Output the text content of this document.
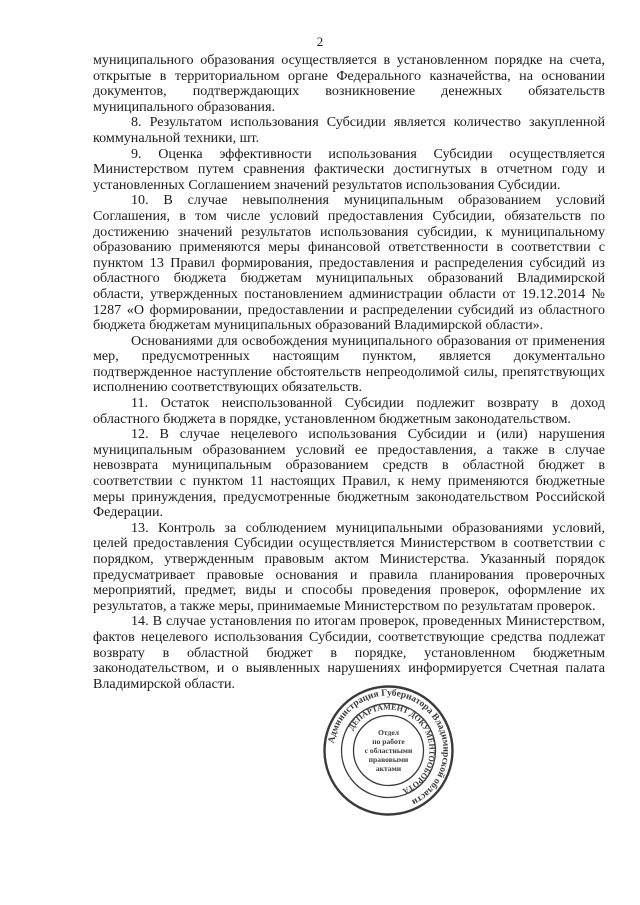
2

муниципального образования осуществляется в установленном порядке на счета, открытые в территориальном органе Федерального казначейства, на основании документов, подтверждающих возникновение денежных обязательств муниципального образования.

8. Результатом использования Субсидии является количество закупленной коммунальной техники, шт.

9. Оценка эффективности использования Субсидии осуществляется Министерством путем сравнения фактически достигнутых в отчетном году и установленных Соглашением значений результатов использования Субсидии.

10. В случае невыполнения муниципальным образованием условий Соглашения, в том числе условий предоставления Субсидии, обязательств по достижению значений результатов использования субсидии, к муниципальному образованию применяются меры финансовой ответственности в соответствии с пунктом 13 Правил формирования, предоставления и распределения субсидий из областного бюджета бюджетам муниципальных образований Владимирской области, утвержденных постановлением администрации области от 19.12.2014 № 1287 «О формировании, предоставлении и распределении субсидий из областного бюджета бюджетам муниципальных образований Владимирской области».

Основаниями для освобождения муниципального образования от применения мер, предусмотренных настоящим пунктом, является документально подтвержденное наступление обстоятельств непреодолимой силы, препятствующих исполнению соответствующих обязательств.

11. Остаток неиспользованной Субсидии подлежит возврату в доход областного бюджета в порядке, установленном бюджетным законодательством.

12. В случае нецелевого использования Субсидии и (или) нарушения муниципальным образованием условий ее предоставления, а также в случае невозврата муниципальным образованием средств в областной бюджет в соответствии с пунктом 11 настоящих Правил, к нему применяются бюджетные меры принуждения, предусмотренные бюджетным законодательством Российской Федерации.

13. Контроль за соблюдением муниципальными образованиями условий, целей предоставления Субсидии осуществляется Министерством в соответствии с порядком, утвержденным правовым актом Министерства. Указанный порядок предусматривает правовые основания и правила планирования проверочных мероприятий, предмет, виды и способы проведения проверок, оформление их результатов, а также меры, принимаемые Министерством по результатам проверок.

14. В случае установления по итогам проверок, проведенных Министерством, фактов нецелевого использования Субсидии, соответствующие средства подлежат возврату в областной бюджет в порядке, установленном бюджетным законодательством, и о выявленных нарушениях информируется Счетная палата Владимирской области.

Администрация Губернатора Владимирской области
ДЕПАРТАМЕНТ ДОКУМЕНТООБОРОТА
Отдел
по работе
с областными
правовыми
актами
